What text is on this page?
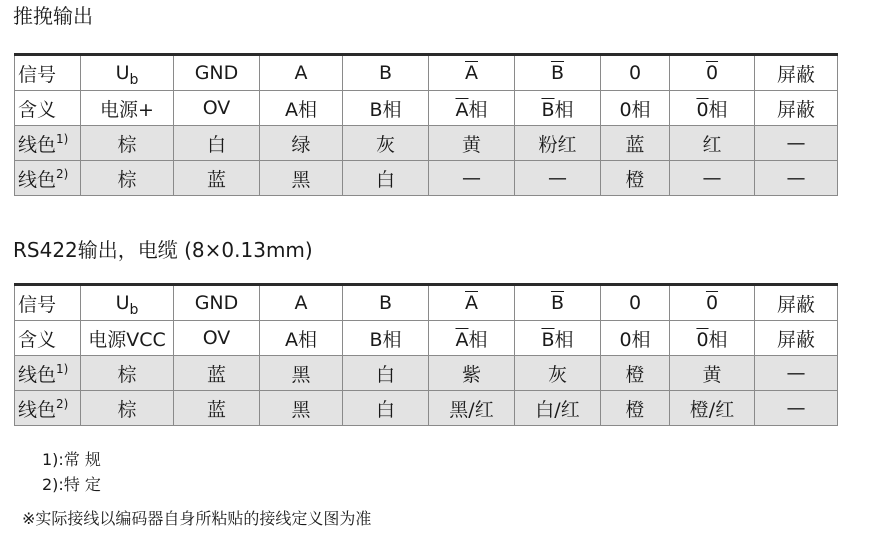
推挽输出
信号	$U_b$	GND	A	B	$\overline{A}$	$\overline{B}$	0	0	屏蔽
含义	电源+	OV	A相	B相	$\overline{A}$相	$\overline{B}$相	0相	0相	屏蔽
线色$^{1)}$	棕	白	绿	灰	黄	粉红	蓝	红	—
线色$^{2)}$	棕	蓝	黑	白	—	—	橙	—	—
RS422输出，电缆 (8×0.13mm)
信号	$U_b$	GND	A	B	$\overline{A}$	$\overline{B}$	0	0	屏蔽
含义	电源VCC	OV	A相	B相	$\overline{A}$相	$\overline{B}$相	0相	0相	屏蔽
线色$^{1)}$	棕	蓝	黑	白	紫	灰	橙	黄	—
线色$^{2)}$	棕	蓝	黑	白	黑/红	白/红	橙	橙/红	—
1):常 规
2):特 定
※实际接线以编码器自身所粘贴的接线定义图为准
